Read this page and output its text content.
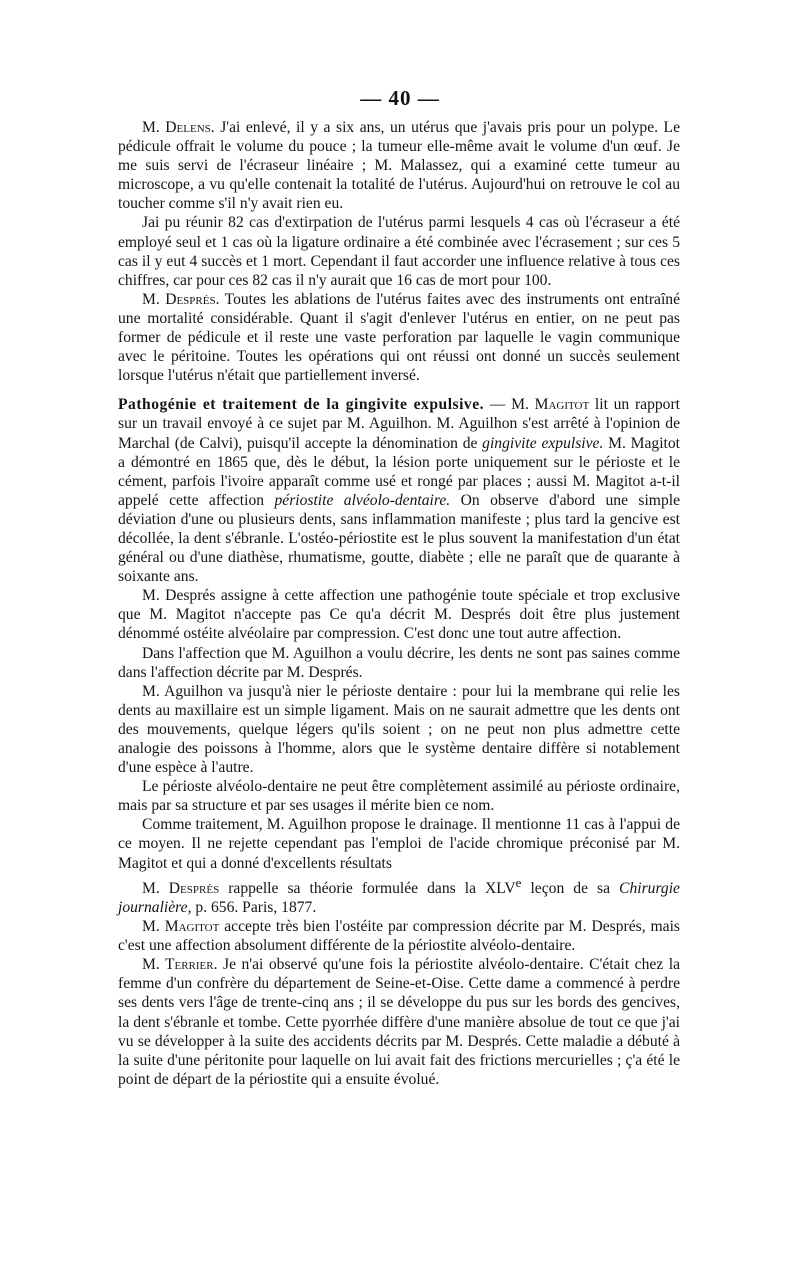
— 40 —

M. Delens. J'ai enlevé, il y a six ans, un utérus que j'avais pris pour un polype. Le pédicule offrait le volume du pouce ; la tumeur elle-même avait le volume d'un œuf. Je me suis servi de l'écraseur linéaire ; M. Malassez, qui a examiné cette tumeur au microscope, a vu qu'elle contenait la totalité de l'utérus. Aujourd'hui on retrouve le col au toucher comme s'il n'y avait rien eu.

Jai pu réunir 82 cas d'extirpation de l'utérus parmi lesquels 4 cas où l'écraseur a été employé seul et 1 cas où la ligature ordinaire a été combinée avec l'écrasement ; sur ces 5 cas il y eut 4 succès et 1 mort. Cependant il faut accorder une influence relative à tous ces chiffres, car pour ces 82 cas il n'y aurait que 16 cas de mort pour 100.

M. Després. Toutes les ablations de l'utérus faites avec des instruments ont entraîné une mortalité considérable. Quant il s'agit d'enlever l'utérus en entier, on ne peut pas former de pédicule et il reste une vaste perforation par laquelle le vagin communique avec le péritoine. Toutes les opérations qui ont réussi ont donné un succès seulement lorsque l'utérus n'était que partiellement inversé.

Pathogénie et traitement de la gingivite expulsive. — M. Magitot lit un rapport sur un travail envoyé à ce sujet par M. Aguilhon. M. Aguilhon s'est arrêté à l'opinion de Marchal (de Calvi), puisqu'il accepte la dénomination de gingivite expulsive. M. Magitot a démontré en 1865 que, dès le début, la lésion porte uniquement sur le périoste et le cément, parfois l'ivoire apparaît comme usé et rongé par places ; aussi M. Magitot a-t-il appelé cette affection périostite alvéolo-dentaire. On observe d'abord une simple déviation d'une ou plusieurs dents, sans inflammation manifeste ; plus tard la gencive est décollée, la dent s'ébranle. L'ostéo-périostite est le plus souvent la manifestation d'un état général ou d'une diathèse, rhumatisme, goutte, diabète ; elle ne paraît que de quarante à soixante ans.

M. Després assigne à cette affection une pathogénie toute spéciale et trop exclusive que M. Magitot n'accepte pas Ce qu'a décrit M. Després doit être plus justement dénommé ostéite alvéolaire par compression. C'est donc une tout autre affection.

Dans l'affection que M. Aguilhon a voulu décrire, les dents ne sont pas saines comme dans l'affection décrite par M. Després.

M. Aguilhon va jusqu'à nier le périoste dentaire : pour lui la membrane qui relie les dents au maxillaire est un simple ligament. Mais on ne saurait admettre que les dents ont des mouvements, quelque légers qu'ils soient ; on ne peut non plus admettre cette analogie des poissons à l'homme, alors que le système dentaire diffère si notablement d'une espèce à l'autre.

Le périoste alvéolo-dentaire ne peut être complètement assimilé au périoste ordinaire, mais par sa structure et par ses usages il mérite bien ce nom.

Comme traitement, M. Aguilhon propose le drainage. Il mentionne 11 cas à l'appui de ce moyen. Il ne rejette cependant pas l'emploi de l'acide chromique préconisé par M. Magitot et qui a donné d'excellents résultats

M. Després rappelle sa théorie formulée dans la XLVe leçon de sa Chirurgie journalière, p. 656. Paris, 1877.

M. Magitot accepte très bien l'ostéite par compression décrite par M. Després, mais c'est une affection absolument différente de la périostite alvéolo-dentaire.

M. Terrier. Je n'ai observé qu'une fois la périostite alvéolo-dentaire. C'était chez la femme d'un confrère du département de Seine-et-Oise. Cette dame a commencé à perdre ses dents vers l'âge de trente-cinq ans ; il se développe du pus sur les bords des gencives, la dent s'ébranle et tombe. Cette pyorrhée diffère d'une manière absolue de tout ce que j'ai vu se développer à la suite des accidents décrits par M. Després. Cette maladie a débuté à la suite d'une péritonite pour laquelle on lui avait fait des frictions mercurielles ; ç'a été le point de départ de la périostite qui a ensuite évolué.
